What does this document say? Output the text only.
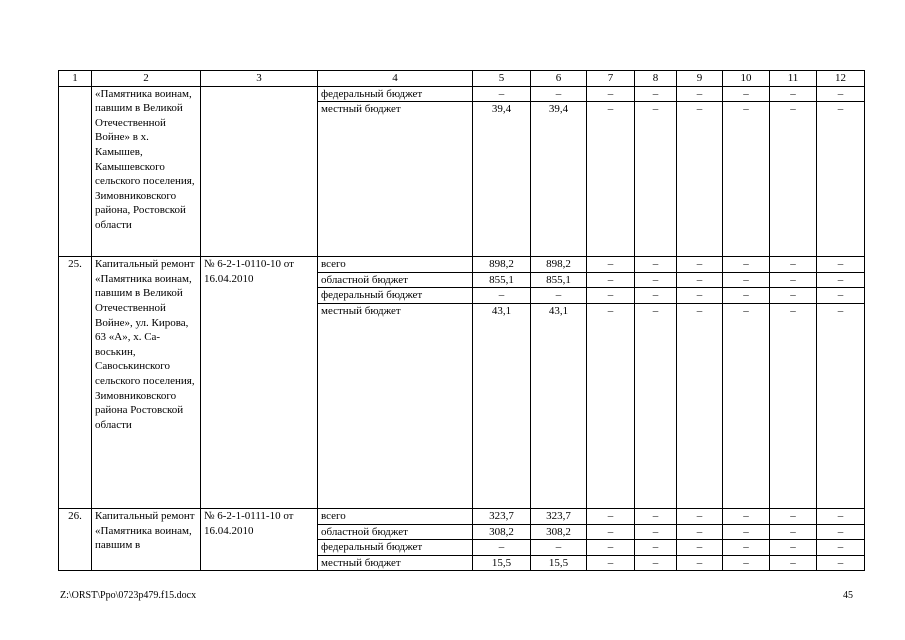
1	2	3	4	5	6	7	8	9	10	11	12
	«Памятника воинам, павшим в Великой Отечественной Войне» в х. Камышев, Камышевского сельского поселения, Зимовниковского района, Ростовской области		федеральный бюджет	–	–	–	–	–	–	–	–
			местный бюджет	39,4	39,4	–	–	–	–	–	–
25.	Капитальный ремонт «Памятника воинам, павшим в Великой Отечественной Войне», ул. Кирова, 63 «А», х. Савоськин, Савоськинского сельского поселения, Зимовниковского района Ростовской области	№ 6-2-1-0110-10 от 16.04.2010	всего	898,2	898,2	–	–	–	–	–	–
			областной бюджет	855,1	855,1	–	–	–	–	–	–
			федеральный бюджет	–	–	–	–	–	–	–	–
			местный бюджет	43,1	43,1	–	–	–	–	–	–
26.	Капитальный ремонт «Памятника воинам, павшим в	№ 6-2-1-0111-10 от 16.04.2010	всего	323,7	323,7	–	–	–	–	–	–
			областной бюджет	308,2	308,2	–	–	–	–	–	–
			федеральный бюджет	–	–	–	–	–	–	–	–
			местный бюджет	15,5	15,5	–	–	–	–	–	–
Z:\ORST\Ppo\0723p479.f15.docx	45
